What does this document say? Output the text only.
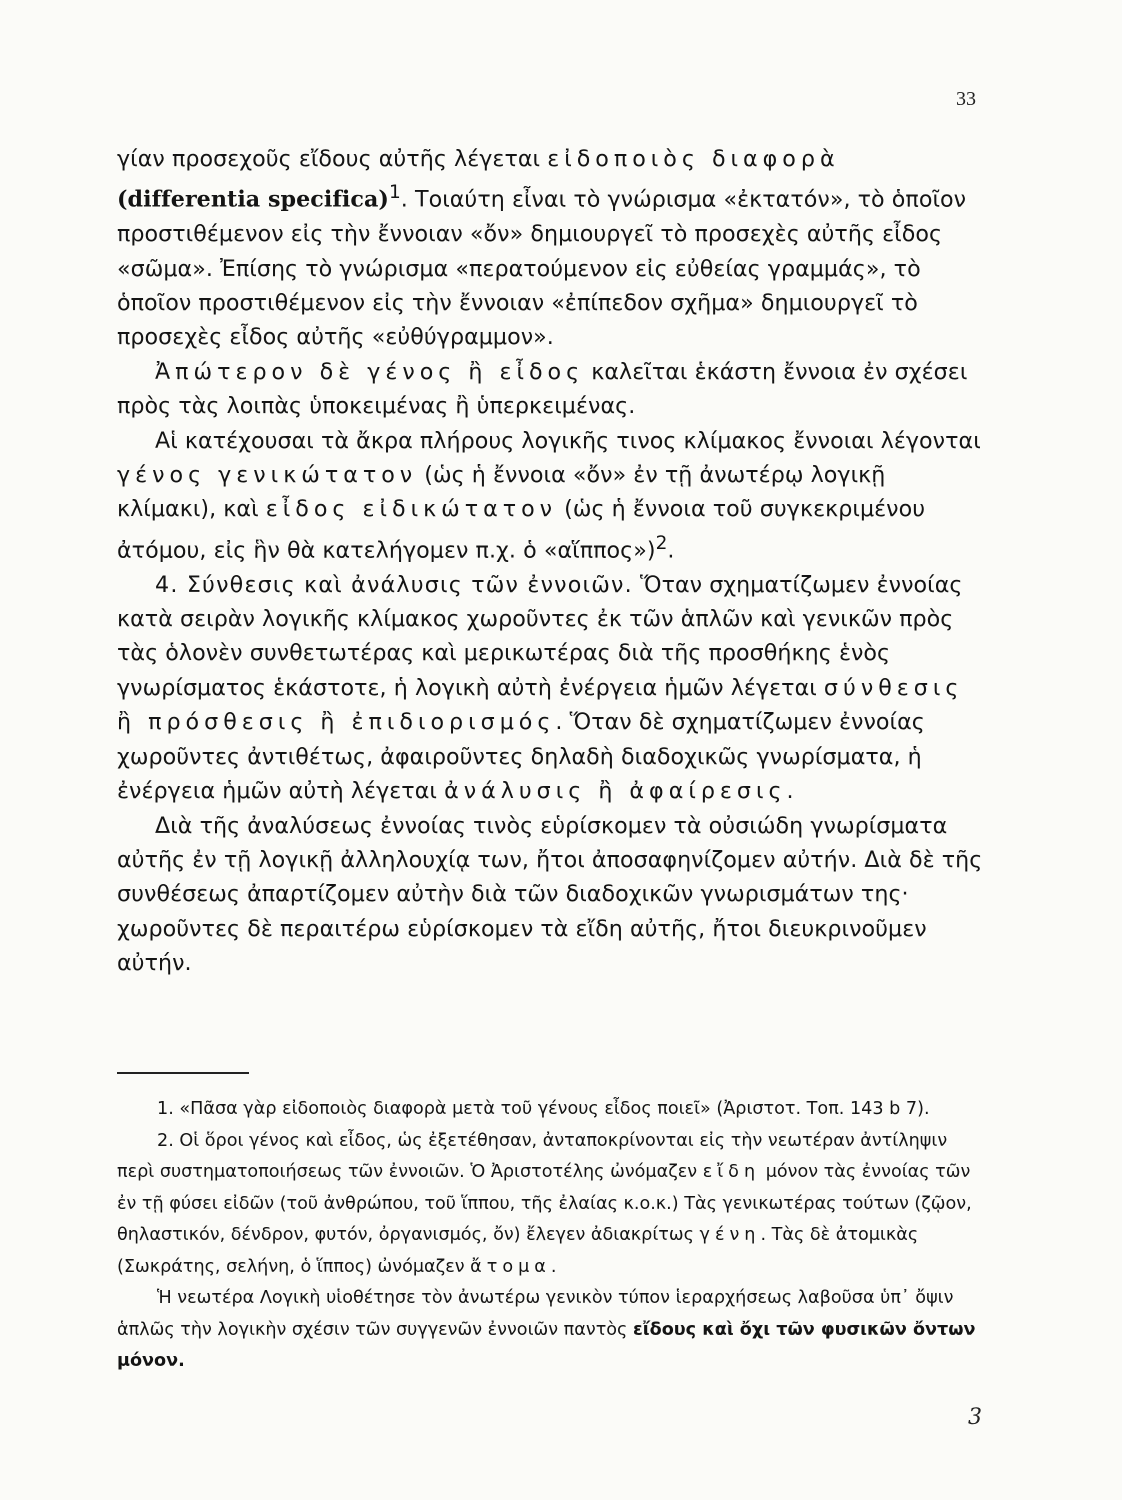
33

γίαν προσεχοῦς εἴδους αὐτῆς λέγεται εἰδοποιὸς διαφορὰ (differentia specifica)$^1$. Τοιαύτη εἶναι τὸ γνώρισμα «ἐκτατόν», τὸ ὁποῖον προστιθέμενον εἰς τὴν ἔννοιαν «ὄν» δημιουργεῖ τὸ προσεχὲς αὐτῆς εἶδος «σῶμα». Ἐπίσης τὸ γνώρισμα «περατούμενον εἰς εὐθείας γραμμάς», τὸ ὁποῖον προστιθέμενον εἰς τὴν ἔννοιαν «ἐπίπεδον σχῆμα» δημιουργεῖ τὸ προσεχὲς εἶδος αὐτῆς «εὐθύγραμμον».

Ἀπώτερον δὲ γένος ἢ εἶδος καλεῖται ἑκάστη ἔννοια ἐν σχέσει πρὸς τὰς λοιπὰς ὑποκειμένας ἢ ὑπερκειμένας.

Αἱ κατέχουσαι τὰ ἄκρα πλήρους λογικῆς τινος κλίμακος ἔννοιαι λέγονται γένος γενικώτατον (ὡς ἡ ἔννοια «ὄν» ἐν τῇ ἀνωτέρῳ λογικῇ κλίμακι), καὶ εἶδος εἰδικώτατον (ὡς ἡ ἔννοια τοῦ συγκεκριμένου ἀτόμου, εἰς ἣν θὰ κατελήγομεν π.χ. ὁ «αἵππος»)$^2$.

4. Σύνθεσις καὶ ἀνάλυσις τῶν ἐννοιῶν. Ὅταν σχηματίζωμεν ἐννοίας κατὰ σειρὰν λογικῆς κλίμακος χωροῦντες ἐκ τῶν ἁπλῶν καὶ γενικῶν πρὸς τὰς ὁλονὲν συνθετωτέρας καὶ μερικωτέρας διὰ τῆς προσθήκης ἑνὸς γνωρίσματος ἑκάστοτε, ἡ λογικὴ αὐτὴ ἐνέργεια ἡμῶν λέγεται σύνθεσις ἢ πρόσθεσις ἢ ἐπιδιορισμός. Ὅταν δὲ σχηματίζωμεν ἐννοίας χωροῦντες ἀντιθέτως, ἀφαιροῦντες δηλαδὴ διαδοχικῶς γνωρίσματα, ἡ ἐνέργεια ἡμῶν αὐτὴ λέγεται ἀνάλυσις ἢ ἀφαίρεσις.

Διὰ τῆς ἀναλύσεως ἐννοίας τινὸς εὑρίσκομεν τὰ οὐσιώδη γνωρίσματα αὐτῆς ἐν τῇ λογικῇ ἀλληλουχίᾳ των, ἤτοι ἀποσαφηνίζομεν αὐτήν. Διὰ δὲ τῆς συνθέσεως ἀπαρτίζομεν αὐτὴν διὰ τῶν διαδοχικῶν γνωρισμάτων της· χωροῦντες δὲ περαιτέρω εὑρίσκομεν τὰ εἴδη αὐτῆς, ἤτοι διευκρινοῦμεν αὐτήν.

1. «Πᾶσα γὰρ εἰδοποιὸς διαφορὰ μετὰ τοῦ γένους εἶδος ποιεῖ» (Ἀριστοτ. Τοπ. 143 b 7).

2. Οἱ ὅροι γένος καὶ εἶδος, ὡς ἐξετέθησαν, ἀνταποκρίνονται εἰς τὴν νεωτέραν ἀντίληψιν περὶ συστηματοποιήσεως τῶν ἐννοιῶν. Ὁ Ἀριστοτέλης ὠνόμαζεν εἴδη μόνον τὰς ἐννοίας τῶν ἐν τῇ φύσει εἰδῶν (τοῦ ἀνθρώπου, τοῦ ἵππου, τῆς ἐλαίας κ.ο.κ.) Τὰς γενικωτέρας τούτων (ζῷον, θηλαστικόν, δένδρον, φυτόν, ὀργανισμός, ὄν) ἔλεγεν ἀδιακρίτως γένη. Τὰς δὲ ἀτομικὰς (Σωκράτης, σελήνη, ὁ ἵππος) ὠνόμαζεν ἄτομα.

Ἡ νεωτέρα Λογικὴ υἱοθέτησε τὸν ἀνωτέρω γενικὸν τύπον ἱεραρχήσεως λαβοῦσα ὑπ᾽ ὄψιν ἁπλῶς τὴν λογικὴν σχέσιν τῶν συγγενῶν ἐννοιῶν παντὸς εἴδους καὶ ὄχι τῶν φυσικῶν ὄντων μόνον.

3
